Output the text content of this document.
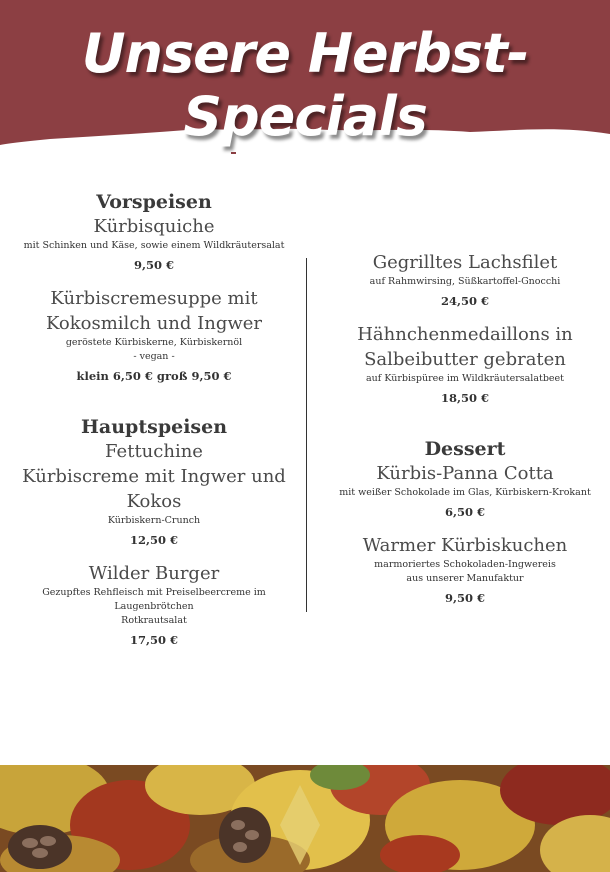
Unsere Herbst-Specials
Vorspeisen
Kürbisquiche
mit Schinken und Käse, sowie einem Wildkräutersalat
9,50 €
Kürbiscremesuppe mit
Kokosmilch und Ingwer
geröstete Kürbiskerne, Kürbiskernöl
- vegan -
klein 6,50 € groß 9,50 €
Hauptspeisen
Fettuchine
Kürbiscreme mit Ingwer und
Kokos
Kürbiskern-Crunch
12,50 €
Wilder Burger
Gezupftes Rehfleisch mit Preiselbeercreme im
Laugenbrötchen
Rotkrautsalat
17,50 €
Gegrilltes Lachsfilet
auf Rahmwirsing, Süßkartoffel-Gnocchi
24,50 €
Hähnchenmedaillons in
Salbeibutter gebraten
auf Kürbispüree im Wildkräutersalatbeet
18,50 €
Dessert
Kürbis-Panna Cotta
mit weißer Schokolade im Glas, Kürbiskern-Krokant
6,50 €
Warmer Kürbiskuchen
marmoriertes Schokoladen-Ingwereis
aus unserer Manufaktur
9,50 €
